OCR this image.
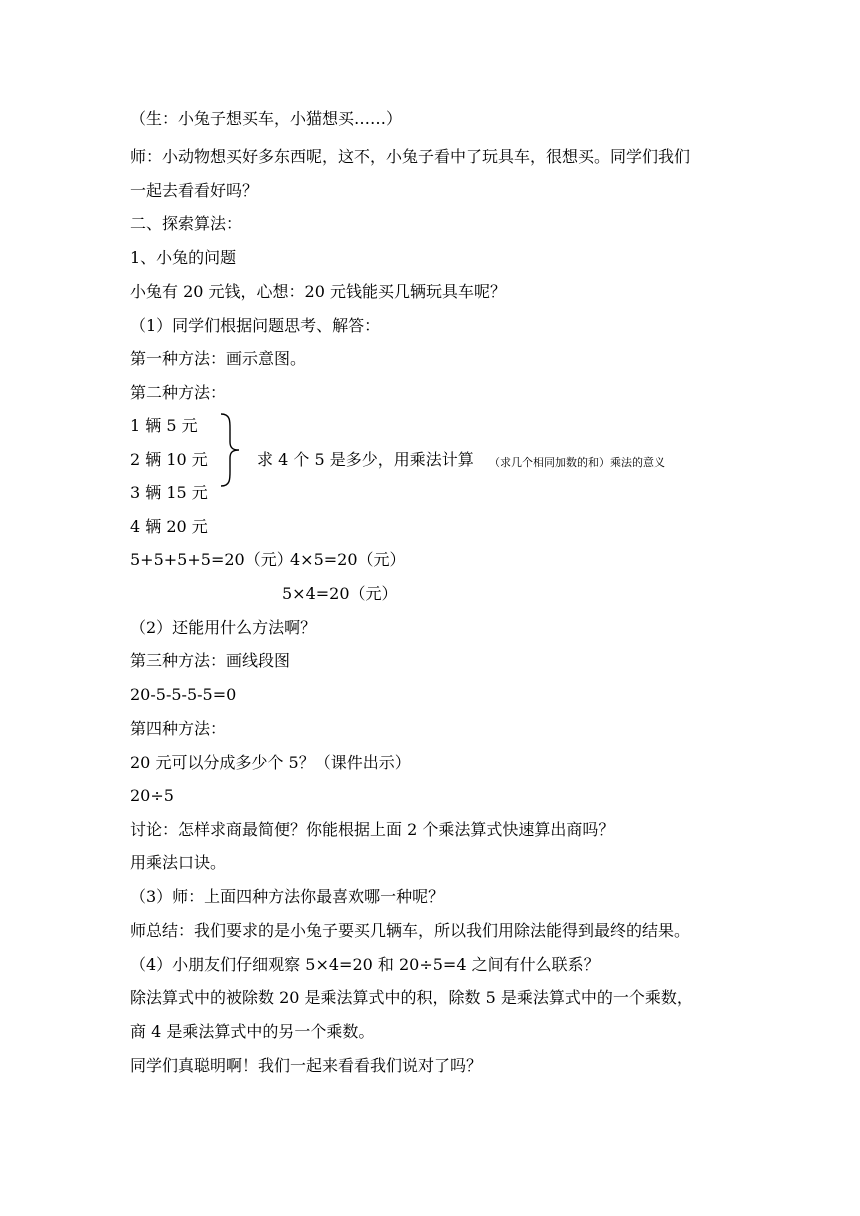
（生：小兔子想买车，小猫想买……）
师：小动物想买好多东西呢，这不，小兔子看中了玩具车，很想买。同学们我们
一起去看看好吗？
二、探索算法：
1、小兔的问题
小兔有 20 元钱，心想：20 元钱能买几辆玩具车呢？
（1）同学们根据问题思考、解答：
第一种方法：画示意图。
第二种方法：
1 辆 5 元
2 辆 10 元
3 辆 15 元
4 辆 20 元
求 4 个 5 是多少，用乘法计算 （求几个相同加数的和）乘法的意义
5+5+5+5=20（元）
4×5=20（元）
5×4=20（元）
（2）还能用什么方法啊？
第三种方法：画线段图
20-5-5-5-5=0
第四种方法：
20 元可以分成多少个 5？（课件出示）
20÷5
讨论：怎样求商最简便？你能根据上面 2 个乘法算式快速算出商吗？
用乘法口诀。
（3）师：上面四种方法你最喜欢哪一种呢？
师总结：我们要求的是小兔子要买几辆车，所以我们用除法能得到最终的结果。
（4）小朋友们仔细观察 5×4=20 和 20÷5=4 之间有什么联系？
除法算式中的被除数 20 是乘法算式中的积，除数 5 是乘法算式中的一个乘数，
商 4 是乘法算式中的另一个乘数。
同学们真聪明啊！我们一起来看看我们说对了吗？
